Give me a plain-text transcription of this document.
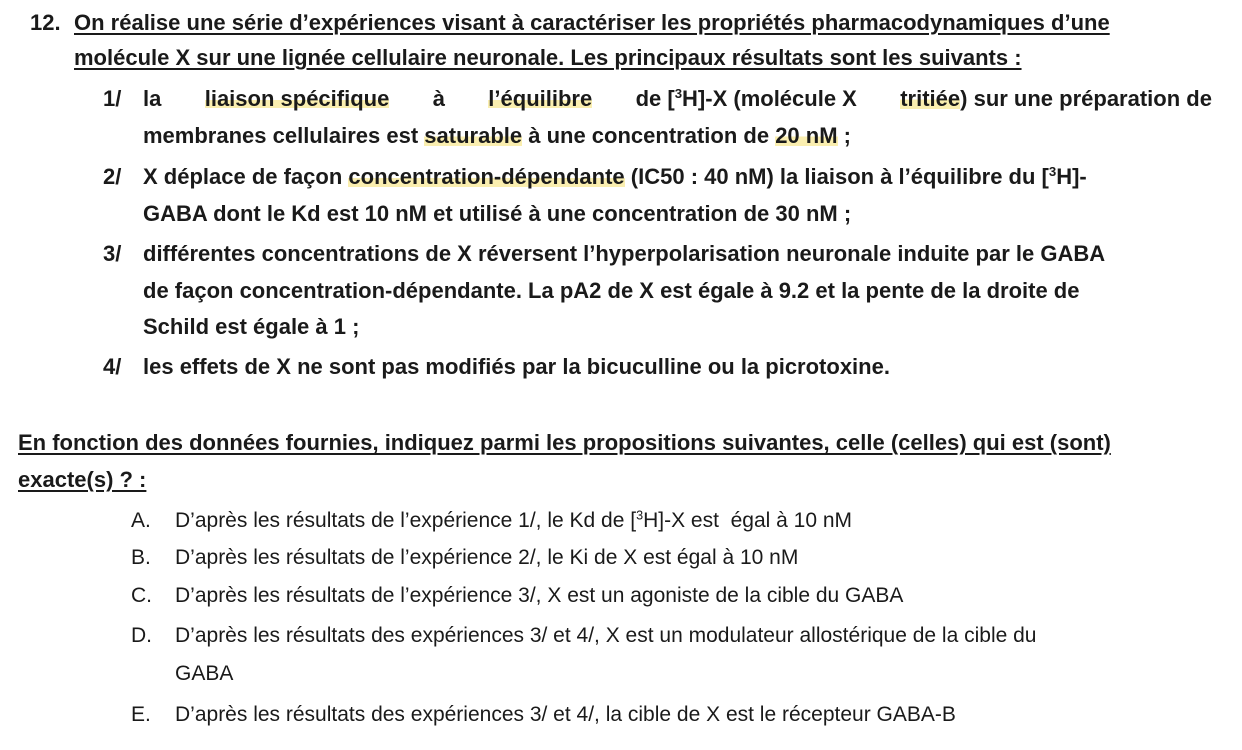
12. On réalise une série d’expériences visant à caractériser les propriétés pharmacodynamiques d’une
molécule X sur une lignée cellulaire neuronale. Les principaux résultats sont les suivants :
1/ la liaison spécifique à l’équilibre de [$^3$H]-X (molécule X tritiée) sur une préparation de
membranes cellulaires est saturable à une concentration de 20 nM ;
2/ X déplace de façon concentration-dépendante (IC50 : 40 nM) la liaison à l’équilibre du [$^3$H]-
GABA dont le Kd est 10 nM et utilisé à une concentration de 30 nM ;
3/ différentes concentrations de X réversent l’hyperpolarisation neuronale induite par le GABA
de façon concentration-dépendante. La pA2 de X est égale à 9.2 et la pente de la droite de
Schild est égale à 1 ;
4/ les effets de X ne sont pas modifiés par la bicuculline ou la picrotoxine.
En fonction des données fournies, indiquez parmi les propositions suivantes, celle (celles) qui est (sont)
exacte(s) ? :
A. D’après les résultats de l’expérience 1/, le Kd de [$^3$H]-X est  égal à 10 nM
B. D’après les résultats de l’expérience 2/, le Ki de X est égal à 10 nM
C. D’après les résultats de l’expérience 3/, X est un agoniste de la cible du GABA
D. D’après les résultats des expériences 3/ et 4/, X est un modulateur allostérique de la cible du
GABA
E. D’après les résultats des expériences 3/ et 4/, la cible de X est le récepteur GABA-B
